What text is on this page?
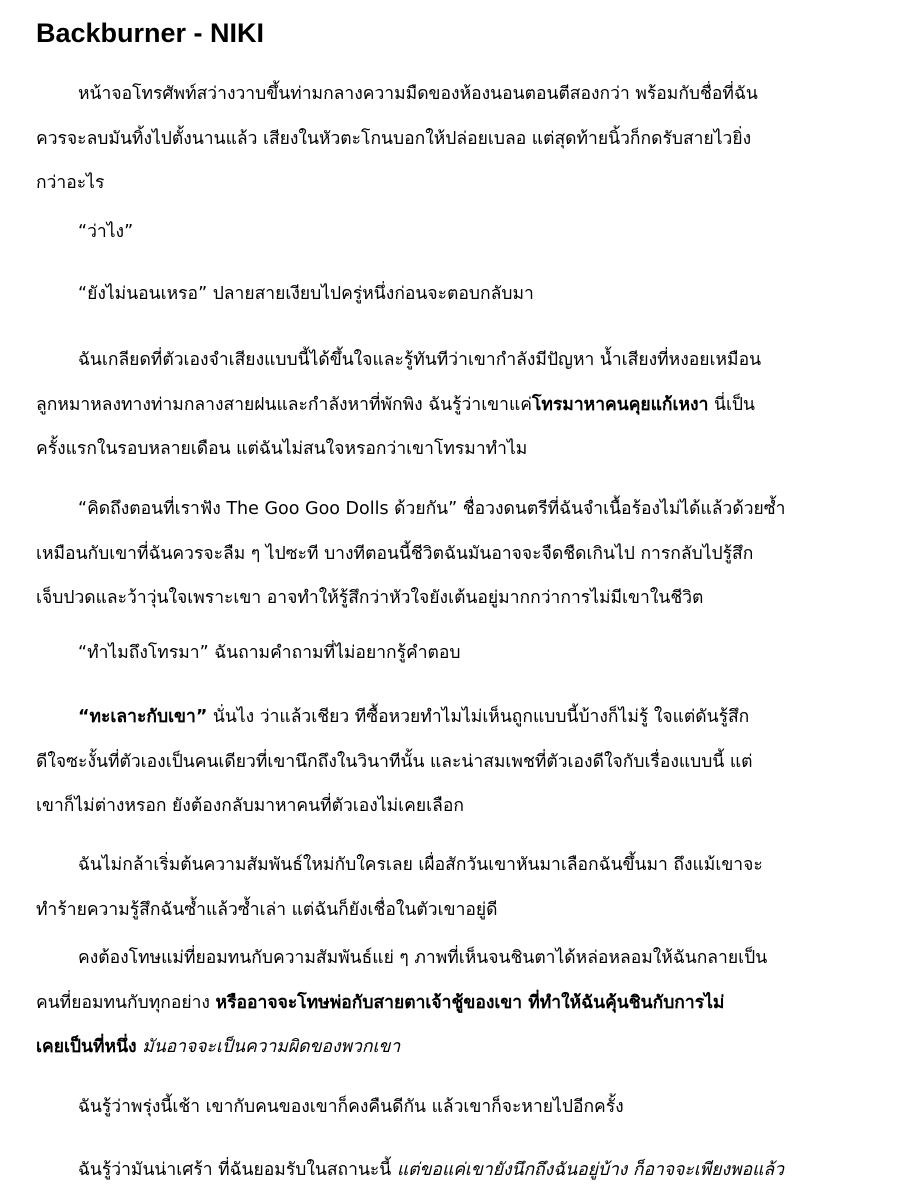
Backburner - NIKI

หน้าจอโทรศัพท์สว่างวาบขึ้นท่ามกลางความมืดของห้องนอนตอนตีสองกว่า พร้อมกับชื่อที่ฉัน
ควรจะลบมันทิ้งไปตั้งนานแล้ว เสียงในหัวตะโกนบอกให้ปล่อยเบลอ แต่สุดท้ายนิ้วก็กดรับสายไวยิ่ง
กว่าอะไร

“ว่าไง”

“ยังไม่นอนเหรอ” ปลายสายเงียบไปครู่หนึ่งก่อนจะตอบกลับมา

ฉันเกลียดที่ตัวเองจำเสียงแบบนี้ได้ขึ้นใจและรู้ทันทีว่าเขากำลังมีปัญหา น้ำเสียงที่หงอยเหมือน
ลูกหมาหลงทางท่ามกลางสายฝนและกำลังหาที่พักพิง ฉันรู้ว่าเขาแค่โทรมาหาคนคุยแก้เหงา นี่เป็น
ครั้งแรกในรอบหลายเดือน แต่ฉันไม่สนใจหรอกว่าเขาโทรมาทำไม

“คิดถึงตอนที่เราฟัง The Goo Goo Dolls ด้วยกัน” ชื่อวงดนตรีที่ฉันจำเนื้อร้องไม่ได้แล้วด้วยซ้ำ
เหมือนกับเขาที่ฉันควรจะลืม ๆ ไปซะที บางทีตอนนี้ชีวิตฉันมันอาจจะจืดชืดเกินไป การกลับไปรู้สึก
เจ็บปวดและว้าวุ่นใจเพราะเขา อาจทำให้รู้สึกว่าหัวใจยังเต้นอยู่มากกว่าการไม่มีเขาในชีวิต

“ทำไมถึงโทรมา” ฉันถามคำถามที่ไม่อยากรู้คำตอบ

“ทะเลาะกับเขา” นั่นไง ว่าแล้วเชียว ทีซื้อหวยทำไมไม่เห็นถูกแบบนี้บ้างก็ไม่รู้ ใจแต่ดันรู้สึก
ดีใจซะงั้นที่ตัวเองเป็นคนเดียวที่เขานึกถึงในวินาทีนั้น และน่าสมเพชที่ตัวเองดีใจกับเรื่องแบบนี้ แต่
เขาก็ไม่ต่างหรอก ยังต้องกลับมาหาคนที่ตัวเองไม่เคยเลือก

ฉันไม่กล้าเริ่มต้นความสัมพันธ์ใหม่กับใครเลย เผื่อสักวันเขาหันมาเลือกฉันขึ้นมา ถึงแม้เขาจะ
ทำร้ายความรู้สึกฉันซ้ำแล้วซ้ำเล่า แต่ฉันก็ยังเชื่อในตัวเขาอยู่ดี

คงต้องโทษแม่ที่ยอมทนกับความสัมพันธ์แย่ ๆ ภาพที่เห็นจนชินตาได้หล่อหลอมให้ฉันกลายเป็น
คนที่ยอมทนกับทุกอย่าง หรืออาจจะโทษพ่อกับสายตาเจ้าชู้ของเขา ที่ทำให้ฉันคุ้นชินกับการไม่
เคยเป็นที่หนึ่ง มันอาจจะเป็นความผิดของพวกเขา

ฉันรู้ว่าพรุ่งนี้เช้า เขากับคนของเขาก็คงคืนดีกัน แล้วเขาก็จะหายไปอีกครั้ง

ฉันรู้ว่ามันน่าเศร้า ที่ฉันยอมรับในสถานะนี้ แต่ขอแค่เขายังนึกถึงฉันอยู่บ้าง ก็อาจจะเพียงพอแล้ว
